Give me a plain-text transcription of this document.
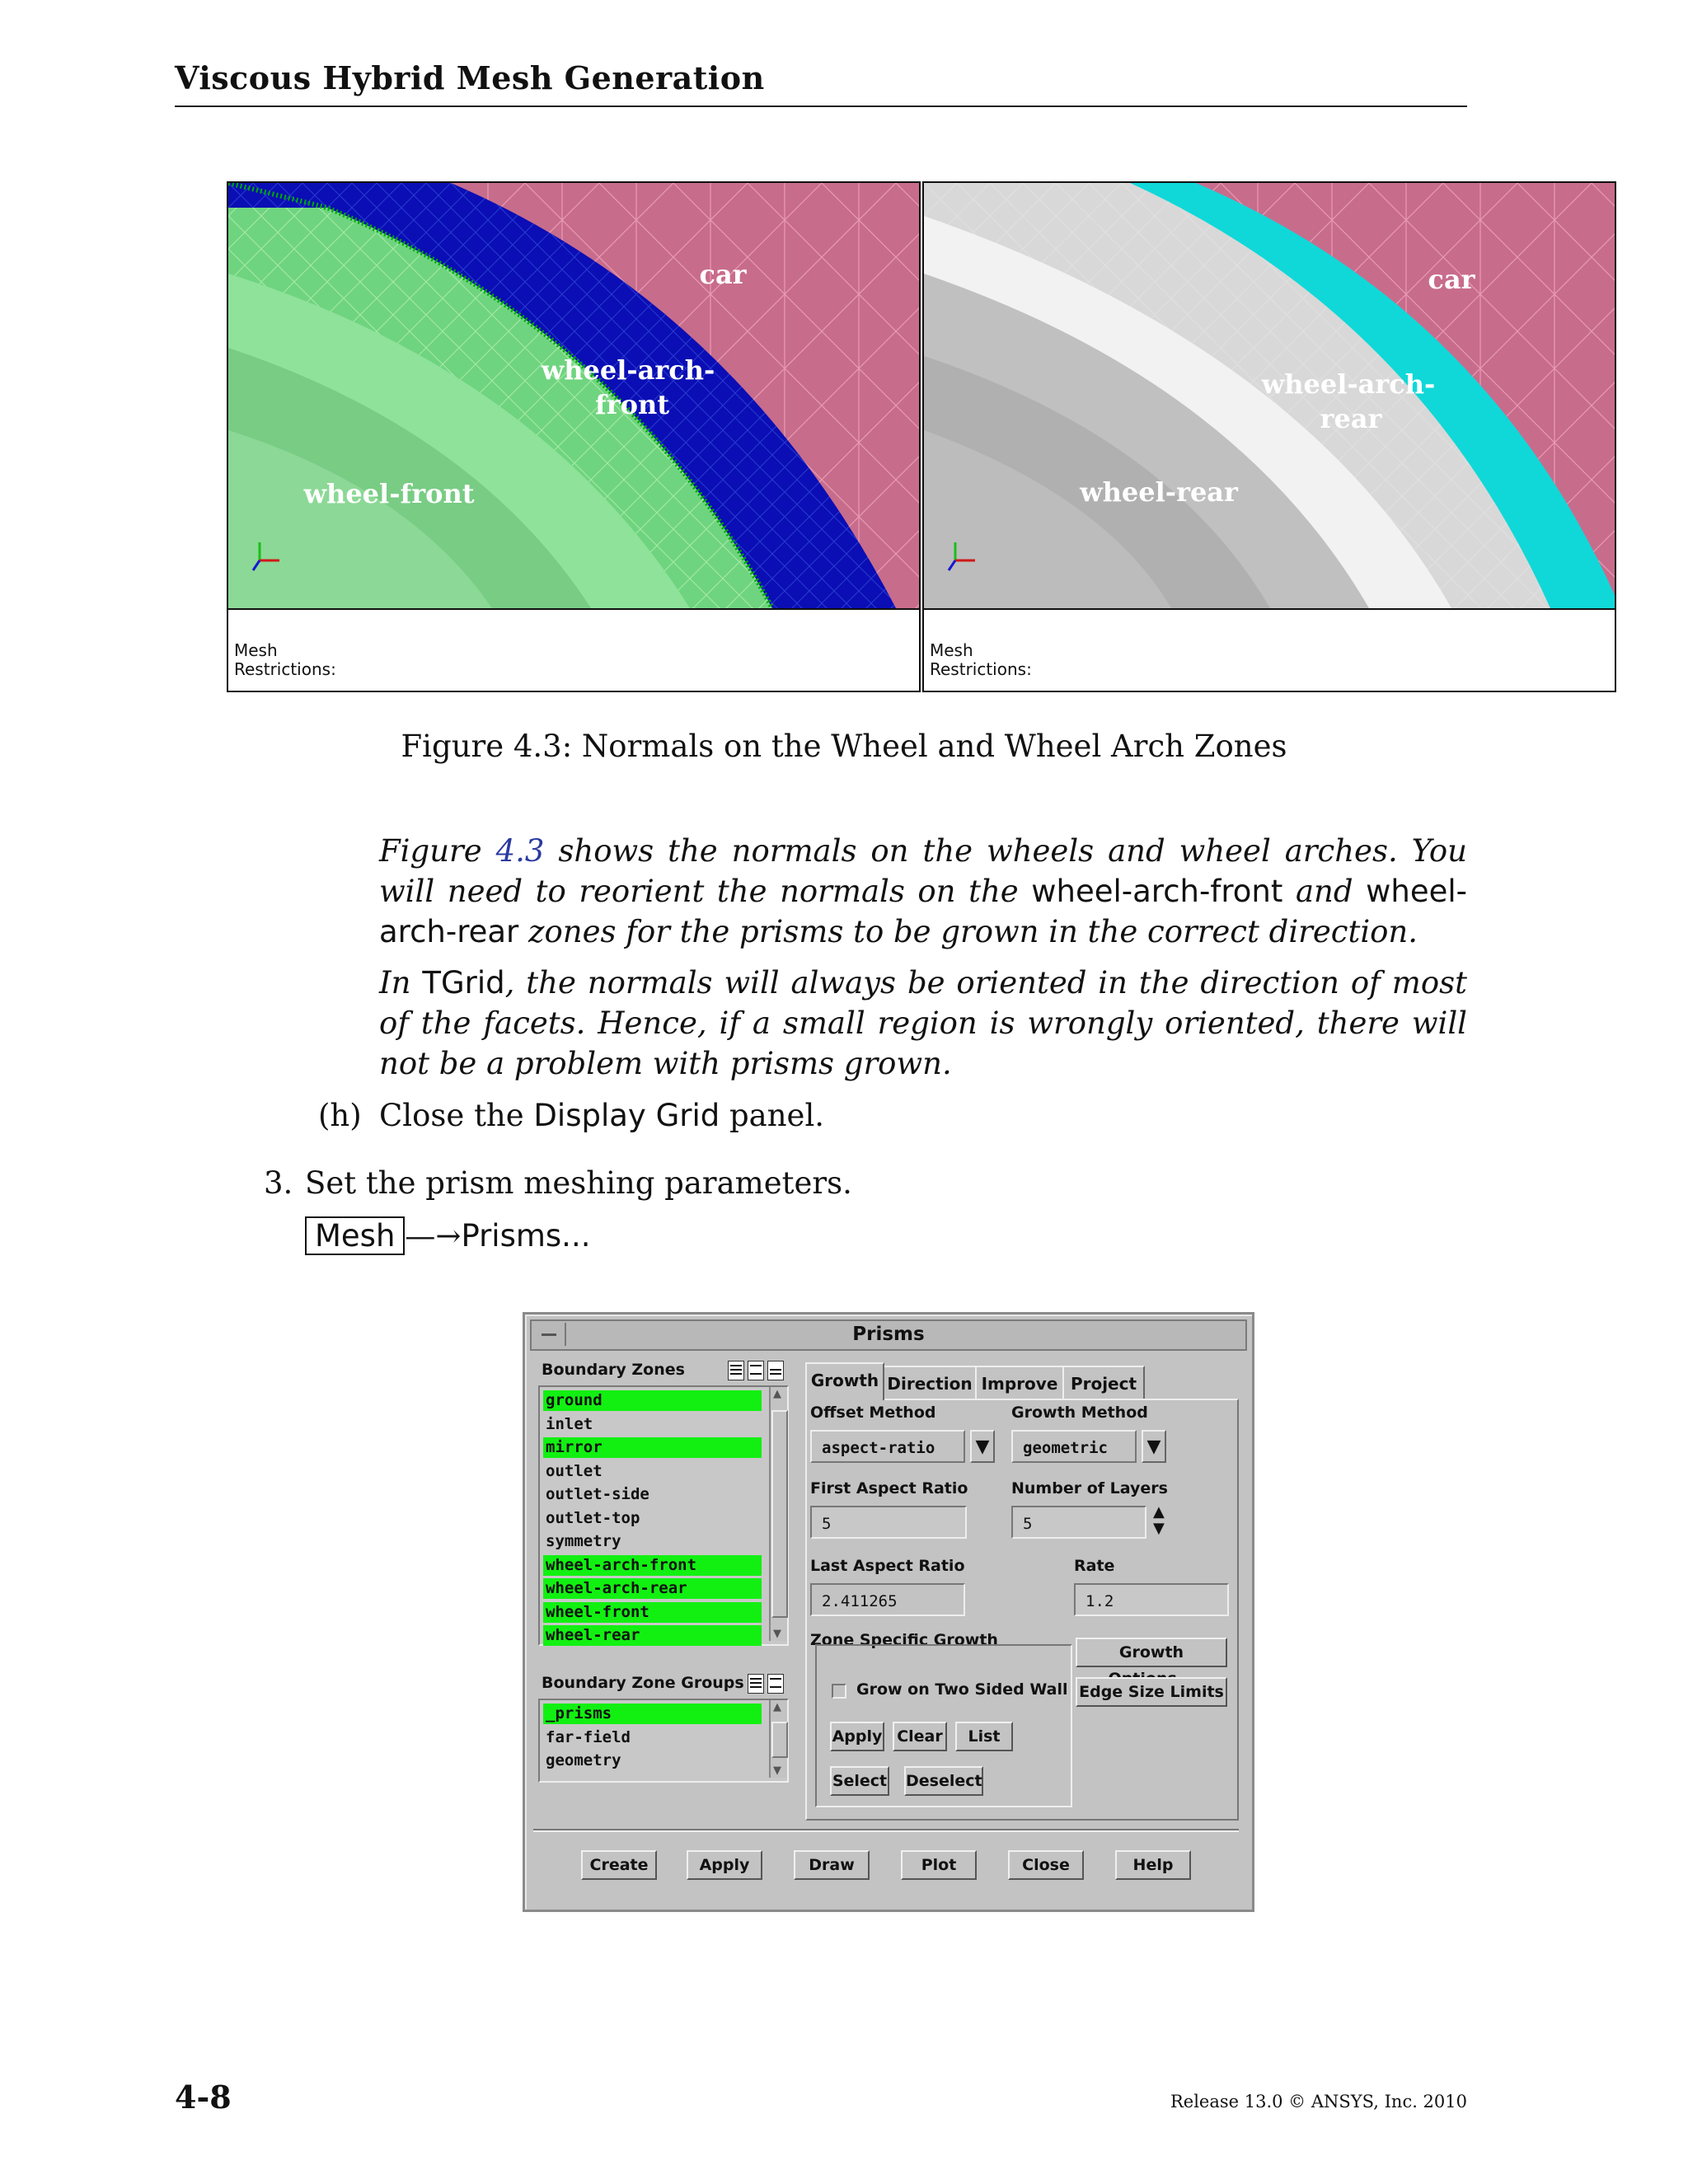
Viscous Hybrid Mesh Generation
car
wheel-arch-
front
wheel-front
Mesh
Restrictions:
car
wheel-arch-
rear
wheel-rear
Mesh
Restrictions:
Figure 4.3: Normals on the Wheel and Wheel Arch Zones
Figure 4.3 shows the normals on the wheels and wheel arches. You will need to reorient the normals on the wheel-arch-front and wheel-arch-rear zones for the prisms to be grown in the correct direction.
In TGrid, the normals will always be oriented in the direction of most of the facets. Hence, if a small region is wrongly oriented, there will not be a problem with prisms grown.
(h) Close the Display Grid panel.
3. Set the prism meshing parameters.
Mesh —→Prisms...
Prisms
Boundary Zones
ground
inlet
mirror
outlet
outlet-side
outlet-top
symmetry
wheel-arch-front
wheel-arch-rear
wheel-front
wheel-rear
▲
▼
Boundary Zone Groups
_prisms
far-field
geometry
▲
▼
Growth Direction Improve Project
Offset Method
aspect-ratio	▼
Growth Method
geometric	▼
First Aspect Ratio
5
Number of Layers
5
▲
▼
Last Aspect Ratio
2.411265
Rate
1.2
Zone Specific Growth
Growth
Edge Size Limits
Grow on Two Sided Wall
Apply Clear	List
Select Deselect
Create	Apply	Draw	Plot	Close	Help
4-8	Release 13.0 © ANSYS, Inc. 2010
